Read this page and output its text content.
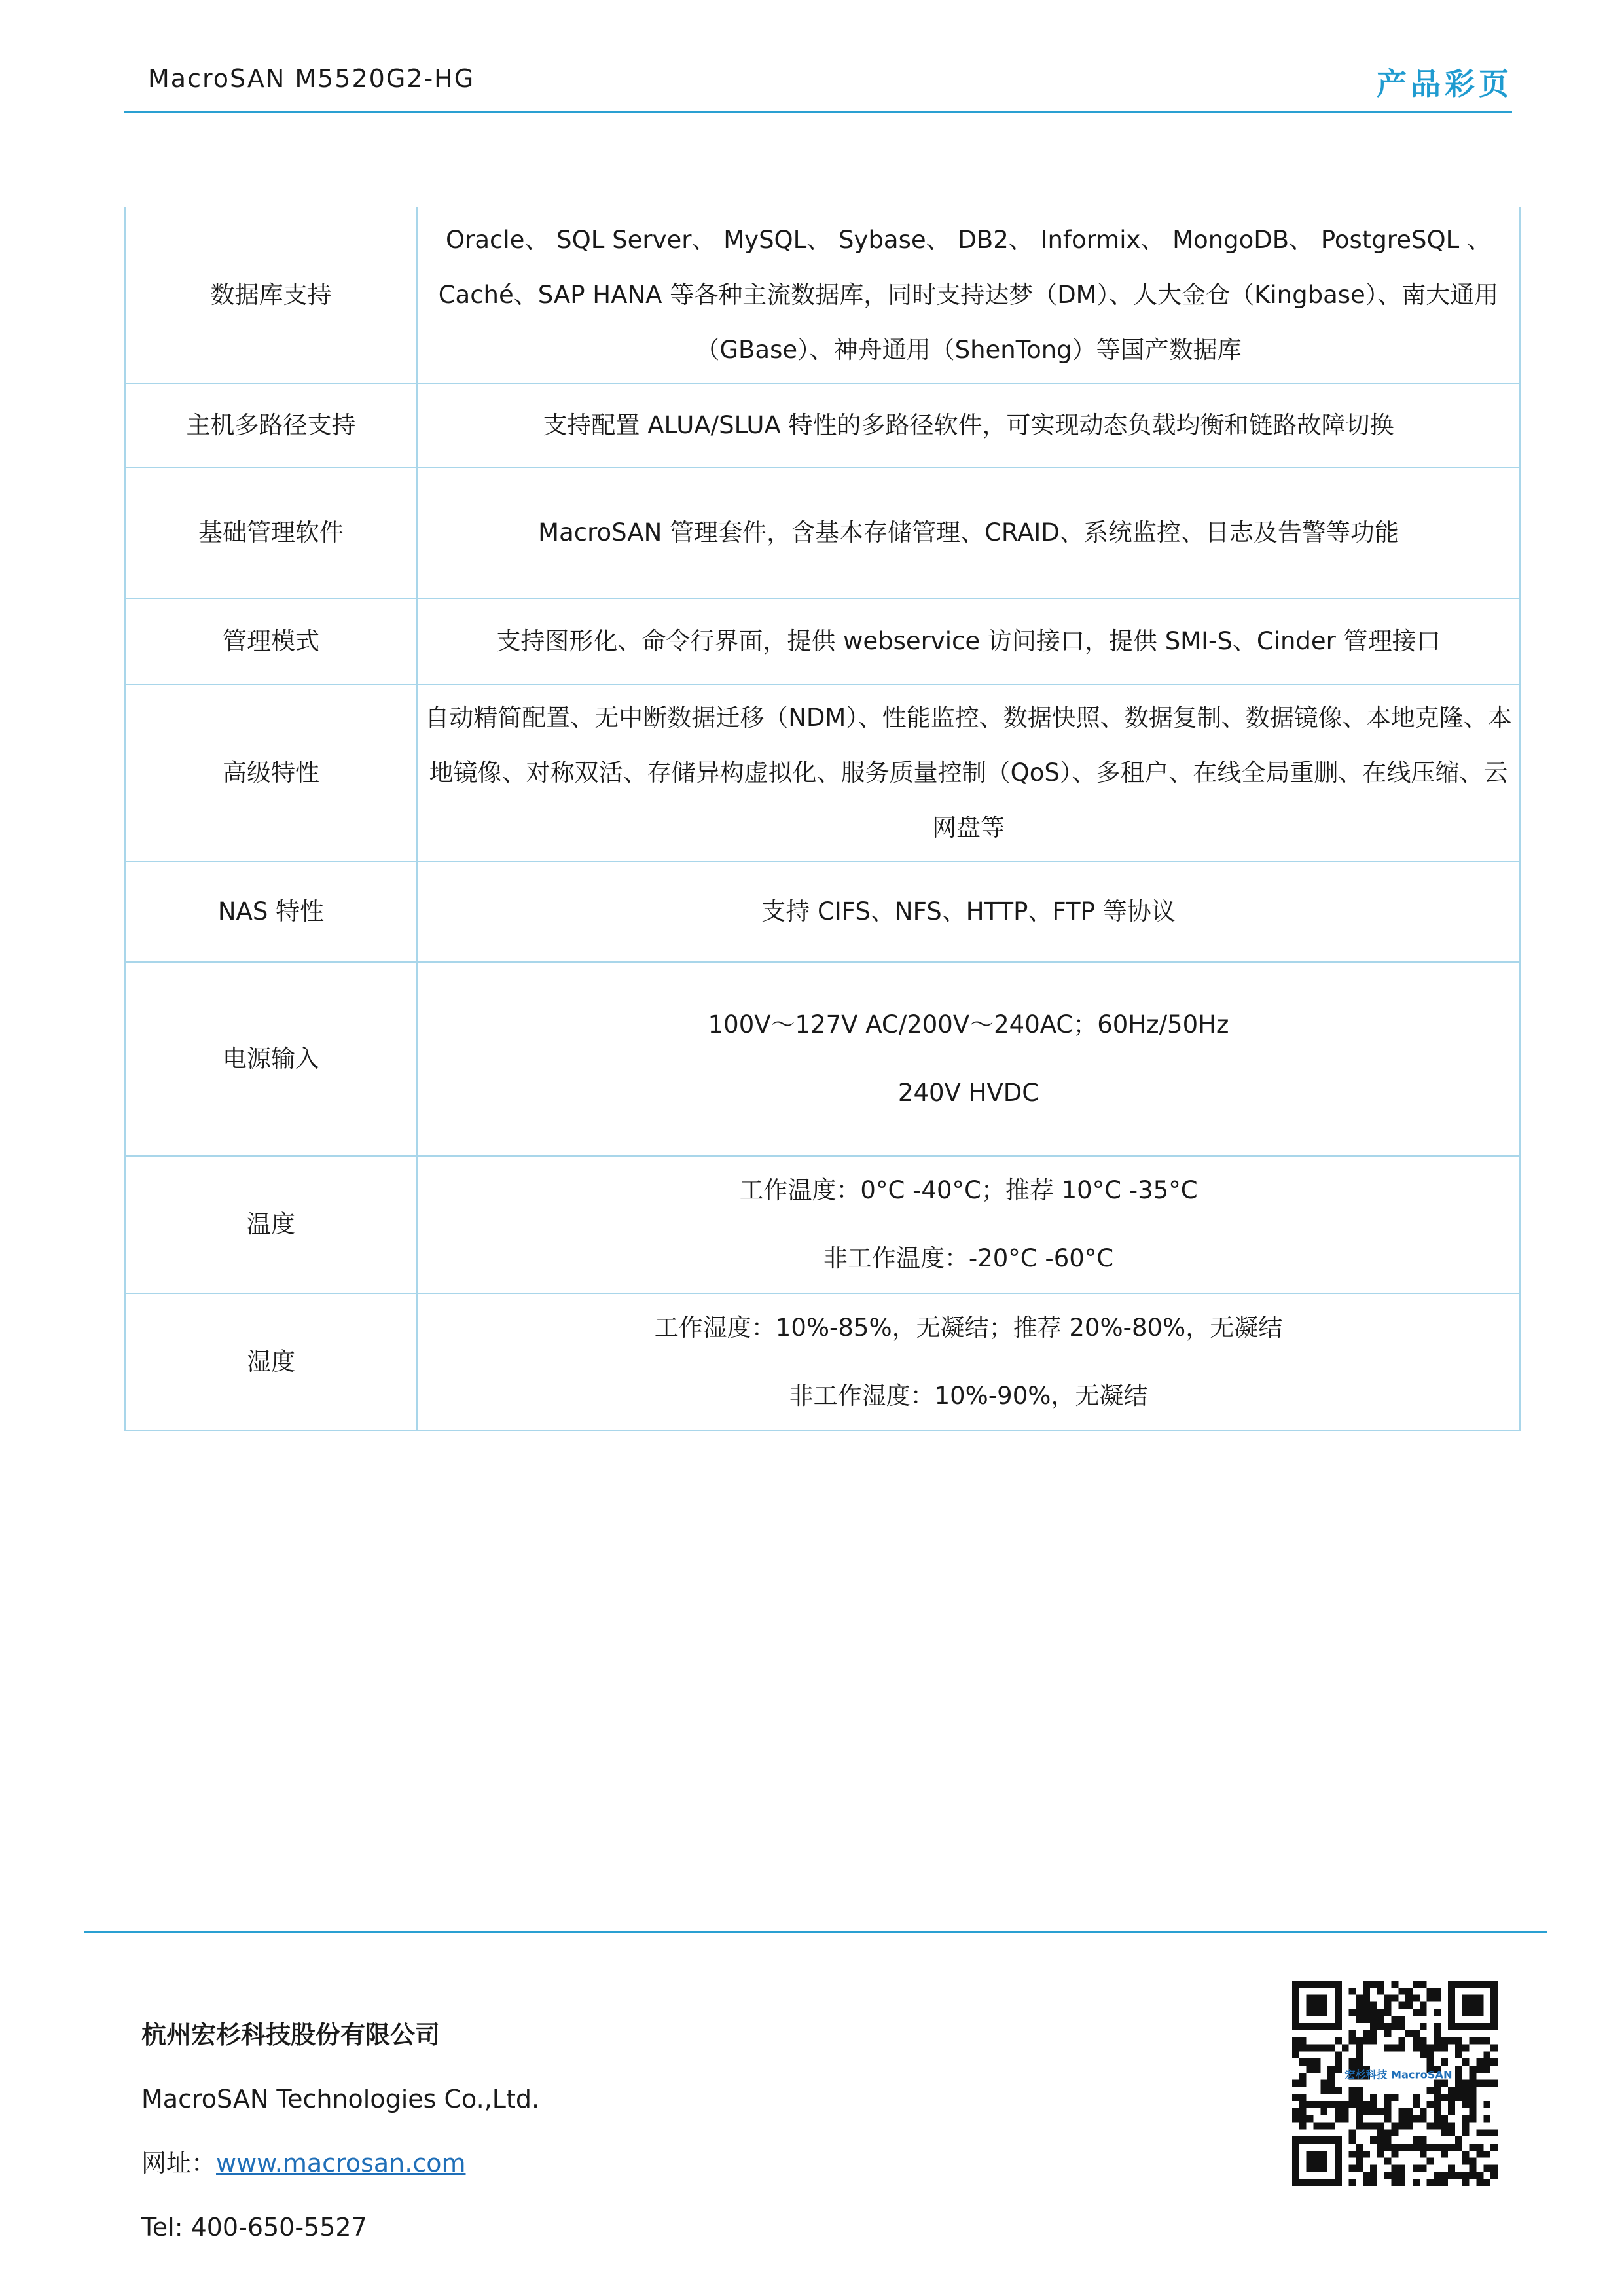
MacroSAN M5520G2-HG	产品彩页
数据库支持	Oracle、 SQL Server、 MySQL、 Sybase、 DB2、 Informix、 MongoDB、 PostgreSQL 、Caché、SAP HANA 等各种主流数据库，同时支持达梦（DM）、人大金仓（Kingbase）、南大通用（GBase）、神舟通用（ShenTong）等国产数据库

主机多路径支持	支持配置 ALUA/SLUA 特性的多路径软件，可实现动态负载均衡和链路故障切换

基础管理软件	MacroSAN 管理套件，含基本存储管理、CRAID、系统监控、日志及告警等功能

管理模式	支持图形化、命令行界面，提供 webservice 访问接口，提供 SMI-S、Cinder 管理接口

高级特性	自动精简配置、无中断数据迁移（NDM）、性能监控、数据快照、数据复制、数据镜像、本地克隆、本地镜像、对称双活、存储异构虚拟化、服务质量控制（QoS）、多租户、在线全局重删、在线压缩、云网盘等

NAS 特性	支持 CIFS、NFS、HTTP、FTP 等协议

电源输入	100V～127V AC/200V～240AC；60Hz/50Hz

240V HVDC

温度	工作温度：0°C -40°C；推荐 10°C -35°C

非工作温度：-20°C -60°C

湿度	工作湿度：10%-85%，无凝结；推荐 20%-80%，无凝结

非工作湿度：10%-90%，无凝结

杭州宏杉科技股份有限公司
MacroSAN Technologies Co.,Ltd.
网址：www.macrosan.com
Tel: 400-650-5527
宏杉科技 MacroSAN
